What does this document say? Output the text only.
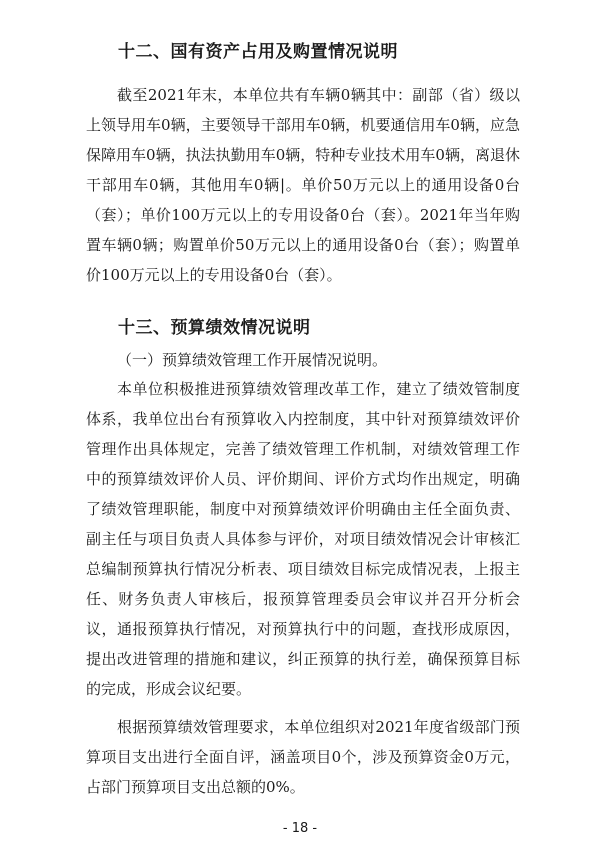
十二、国有资产占用及购置情况说明

截至2021年末，本单位共有车辆0辆其中：副部（省）级以上领导用车0辆，主要领导干部用车0辆，机要通信用车0辆，应急保障用车0辆，执法执勤用车0辆，特种专业技术用车0辆，离退休干部用车0辆，其他用车0辆|。单价50万元以上的通用设备0台（套）；单价100万元以上的专用设备0台（套）。2021年当年购置车辆0辆；购置单价50万元以上的通用设备0台（套）；购置单价100万元以上的专用设备0台（套）。

十三、预算绩效情况说明

（一）预算绩效管理工作开展情况说明。

本单位积极推进预算绩效管理改革工作，建立了绩效管制度体系，我单位出台有预算收入内控制度，其中针对预算绩效评价管理作出具体规定，完善了绩效管理工作机制，对绩效管理工作中的预算绩效评价人员、评价期间、评价方式均作出规定，明确了绩效管理职能，制度中对预算绩效评价明确由主任全面负责、副主任与项目负责人具体参与评价，对项目绩效情况会计审核汇总编制预算执行情况分析表、项目绩效目标完成情况表，上报主任、财务负责人审核后，报预算管理委员会审议并召开分析会议，通报预算执行情况，对预算执行中的问题，查找形成原因，提出改进管理的措施和建议，纠正预算的执行差，确保预算目标的完成，形成会议纪要。

根据预算绩效管理要求，本单位组织对2021年度省级部门预算项目支出进行全面自评，涵盖项目0个，涉及预算资金0万元，占部门预算项目支出总额的0%。

- 18 -
